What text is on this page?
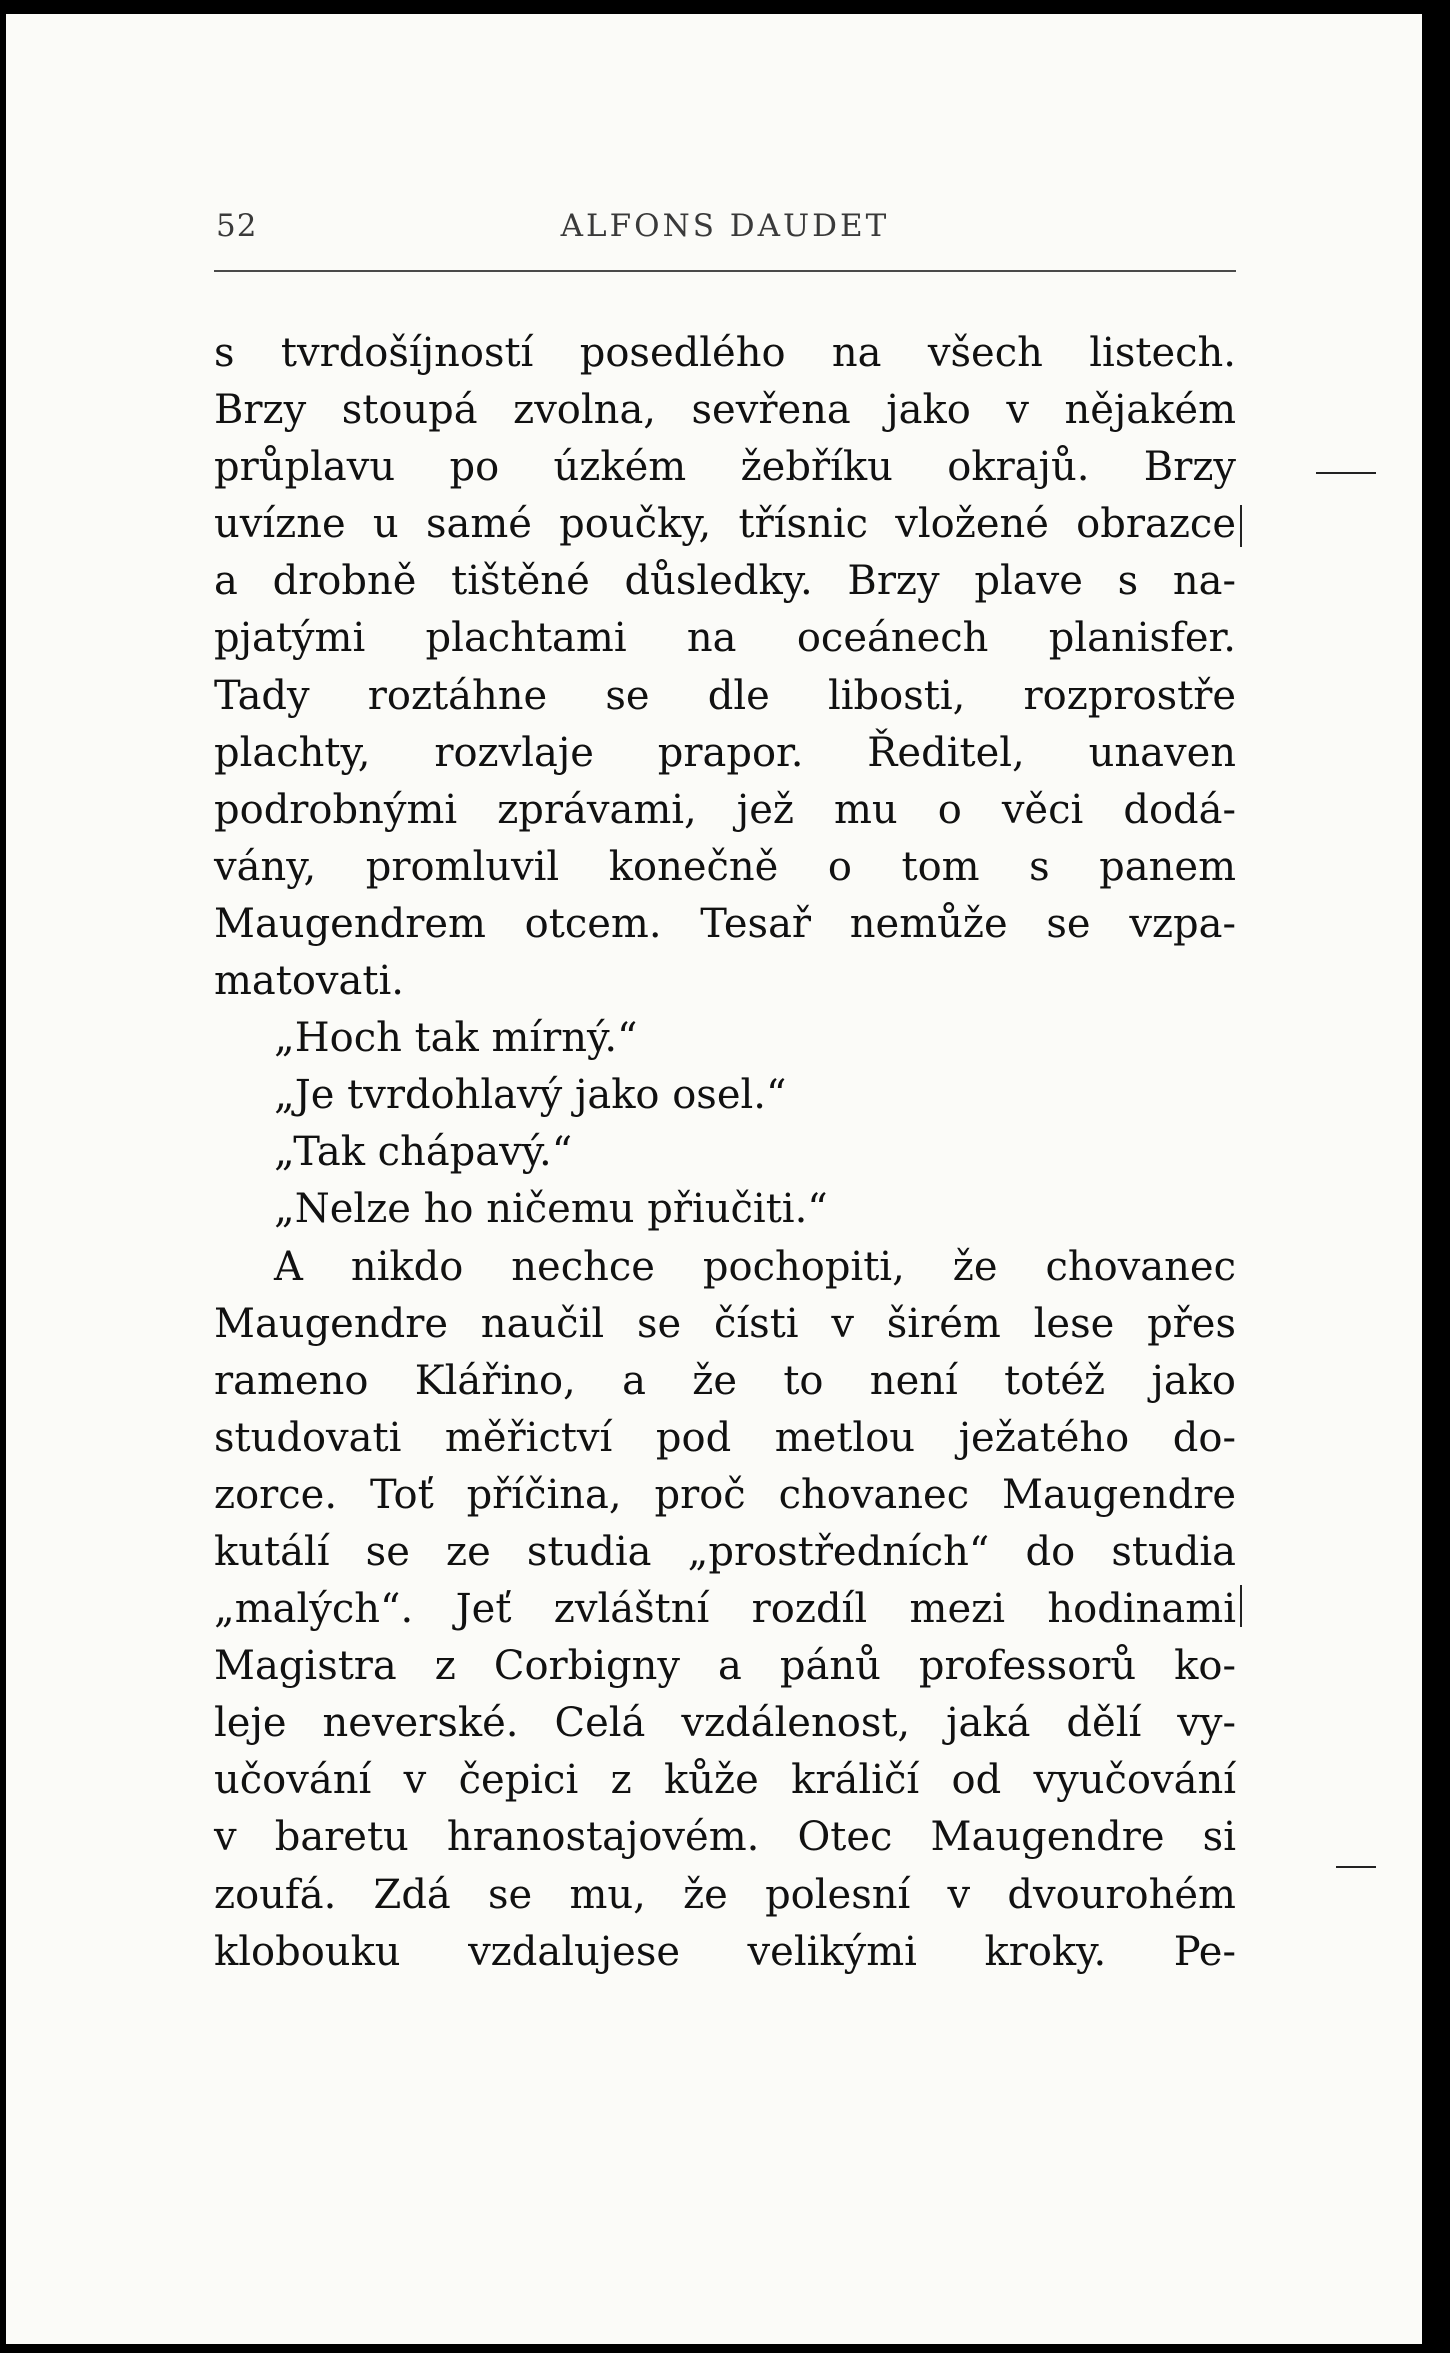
52	ALFONS DAUDET
s tvrdošíjností posedlého na všech listech.
Brzy stoupá zvolna, sevřena jako v nějakém
průplavu po úzkém žebříku okrajů. Brzy
uvízne u samé poučky, třísnic vložené obrazce
a drobně tištěné důsledky. Brzy plave s na-
pjatými plachtami na oceánech planisfer.
Tady roztáhne se dle libosti, rozprostře
plachty, rozvlaje prapor. Ředitel, unaven
podrobnými zprávami, jež mu o věci dodá-
vány, promluvil konečně o tom s panem
Maugendrem otcem. Tesař nemůže se vzpa-
matovati.
„Hoch tak mírný.“
„Je tvrdohlavý jako osel.“
„Tak chápavý.“
„Nelze ho ničemu přiučiti.“
A nikdo nechce pochopiti, že chovanec
Maugendre naučil se čísti v širém lese přes
rameno Klářino, a že to není totéž jako
studovati měřictví pod metlou ježatého do-
zorce. Toť příčina, proč chovanec Maugendre
kutálí se ze studia „prostředních“ do studia
„malých“. Jeť zvláštní rozdíl mezi hodinami
Magistra z Corbigny a pánů professorů ko-
leje neverské. Celá vzdálenost, jaká dělí vy-
učování v čepici z kůže králičí od vyučování
v baretu hranostajovém. Otec Maugendre si
zoufá. Zdá se mu, že polesní v dvourohém
klobouku vzdalujese velikými kroky. Pe-
